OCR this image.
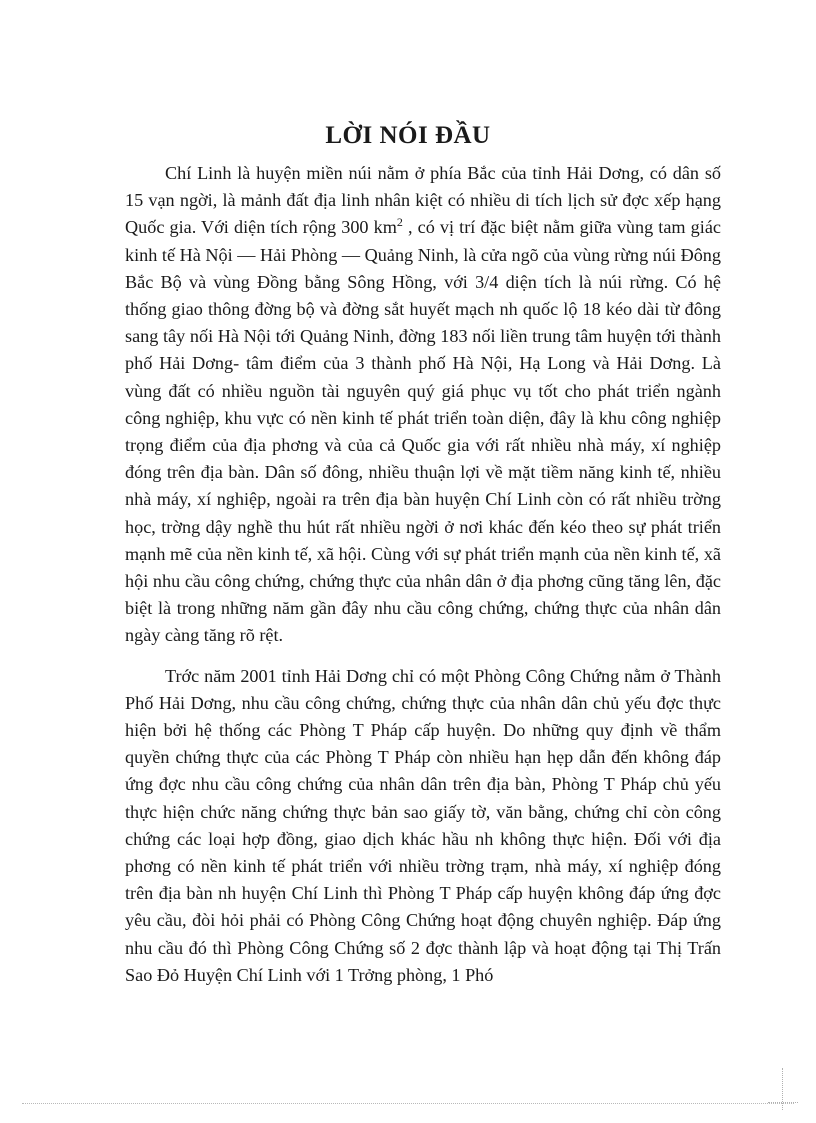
LỜI NÓI ĐẦU

Chí Linh là huyện miền núi nằm ở phía Bắc của tỉnh Hải Dơng, có dân số 15 vạn ngời, là mảnh đất địa linh nhân kiệt có nhiều di tích lịch sử đợc xếp hạng Quốc gia. Với diện tích rộng 300 $km^2$ , có vị trí đặc biệt nằm giữa vùng tam giác kinh tế Hà Nội — Hải Phòng — Quảng Ninh, là cửa ngõ của vùng rừng núi Đông Bắc Bộ và vùng Đồng bằng Sông Hồng, với 3/4 diện tích là núi rừng. Có hệ thống giao thông đờng bộ và đờng sắt huyết mạch nh quốc lộ 18 kéo dài từ đông sang tây nối Hà Nội tới Quảng Ninh, đờng 183 nối liền trung tâm huyện tới thành phố Hải Dơng- tâm điểm của 3 thành phố Hà Nội, Hạ Long và Hải Dơng. Là vùng đất có nhiều nguồn tài nguyên quý giá phục vụ tốt cho phát triển ngành công nghiệp, khu vực có nền kinh tế phát triển toàn diện, đây là khu công nghiệp trọng điểm của địa phơng và của cả Quốc gia với rất nhiều nhà máy, xí nghiệp đóng trên địa bàn. Dân số đông, nhiều thuận lợi về mặt tiềm năng kinh tế, nhiều nhà máy, xí nghiệp, ngoài ra trên địa bàn huyện Chí Linh còn có rất nhiều trờng học, trờng dậy nghề thu hút rất nhiều ngời ở nơi khác đến kéo theo sự phát triển mạnh mẽ của nền kinh tế, xã hội. Cùng với sự phát triển mạnh của nền kinh tế, xã hội nhu cầu công chứng, chứng thực của nhân dân ở địa phơng cũng tăng lên, đặc biệt là trong những năm gần đây nhu cầu công chứng, chứng thực của nhân dân ngày càng tăng rõ rệt.

Trớc năm 2001 tỉnh Hải Dơng chỉ có một Phòng Công Chứng nằm ở Thành Phố Hải Dơng, nhu cầu công chứng, chứng thực của nhân dân chủ yếu đợc thực hiện bởi hệ thống các Phòng T Pháp cấp huyện. Do những quy định về thẩm quyền chứng thực của các Phòng T Pháp còn nhiều hạn hẹp dẫn đến không đáp ứng đợc nhu cầu công chứng của nhân dân trên địa bàn, Phòng T Pháp chủ yếu thực hiện chức năng chứng thực bản sao giấy tờ, văn bằng, chứng chỉ còn công chứng các loại hợp đồng, giao dịch khác hầu nh không thực hiện. Đối với địa phơng có nền kinh tế phát triển với nhiều trờng trạm, nhà máy, xí nghiệp đóng trên địa bàn nh huyện Chí Linh thì Phòng T Pháp cấp huyện không đáp ứng đợc yêu cầu, đòi hỏi phải có Phòng Công Chứng hoạt động chuyên nghiệp. Đáp ứng nhu cầu đó thì Phòng Công Chứng số 2 đợc thành lập và hoạt động tại Thị Trấn Sao Đỏ Huyện Chí Linh với 1 Trởng phòng, 1 Phó
